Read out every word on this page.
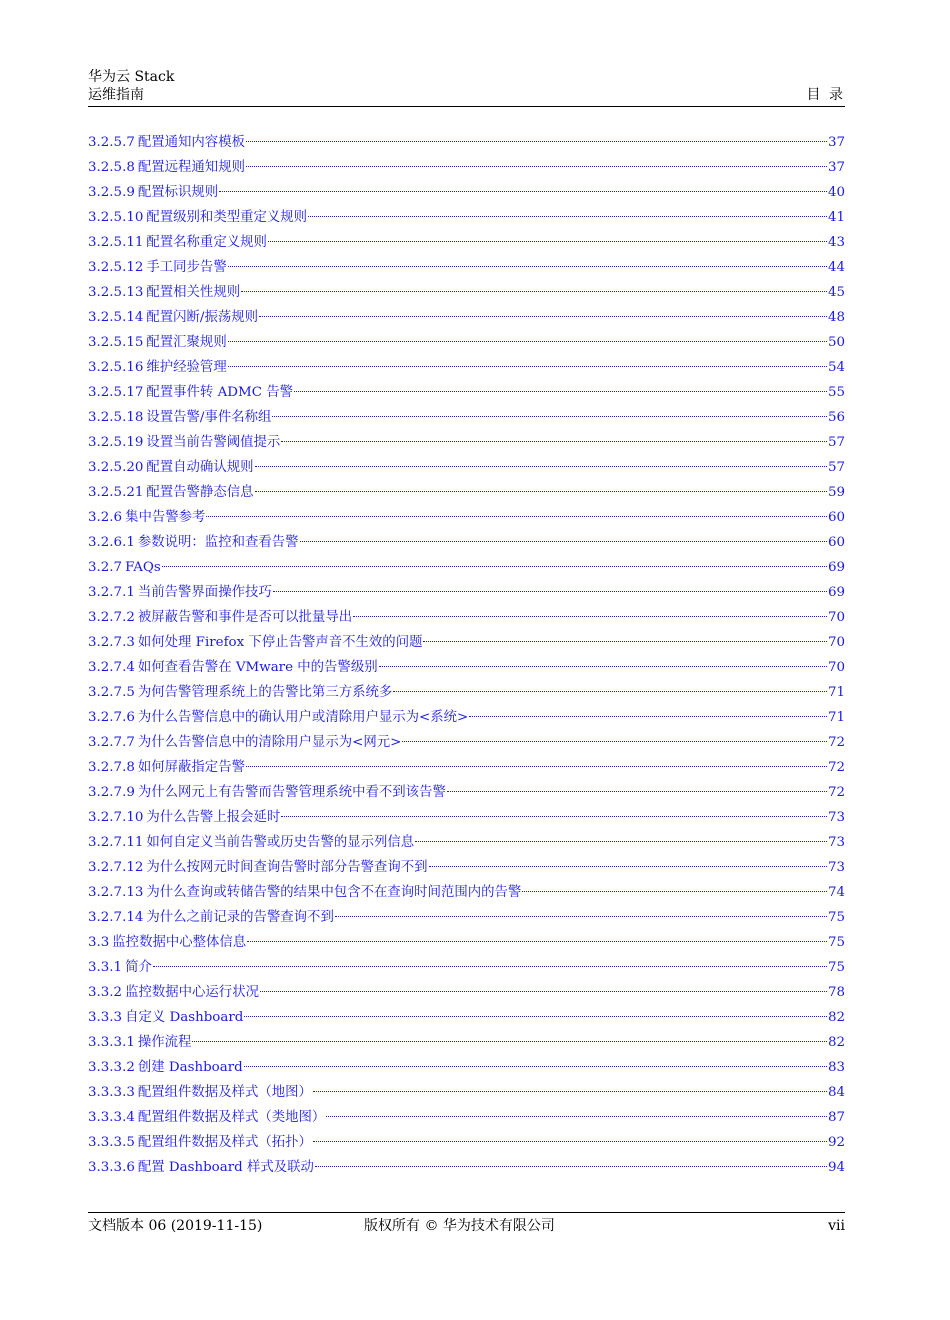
华为云 Stack
运维指南	目 录
3.2.5.7 配置通知内容模板	37
3.2.5.8 配置远程通知规则	37
3.2.5.9 配置标识规则	40
3.2.5.10 配置级别和类型重定义规则	41
3.2.5.11 配置名称重定义规则	43
3.2.5.12 手工同步告警	44
3.2.5.13 配置相关性规则	45
3.2.5.14 配置闪断/振荡规则	48
3.2.5.15 配置汇聚规则	50
3.2.5.16 维护经验管理	54
3.2.5.17 配置事件转 ADMC 告警	55
3.2.5.18 设置告警/事件名称组	56
3.2.5.19 设置当前告警阈值提示	57
3.2.5.20 配置自动确认规则	57
3.2.5.21 配置告警静态信息	59
3.2.6 集中告警参考	60
3.2.6.1 参数说明：监控和查看告警	60
3.2.7 FAQs	69
3.2.7.1 当前告警界面操作技巧	69
3.2.7.2 被屏蔽告警和事件是否可以批量导出	70
3.2.7.3 如何处理 Firefox 下停止告警声音不生效的问题	70
3.2.7.4 如何查看告警在 VMware 中的告警级别	70
3.2.7.5 为何告警管理系统上的告警比第三方系统多	71
3.2.7.6 为什么告警信息中的确认用户或清除用户显示为<系统>	71
3.2.7.7 为什么告警信息中的清除用户显示为<网元>	72
3.2.7.8 如何屏蔽指定告警	72
3.2.7.9 为什么网元上有告警而告警管理系统中看不到该告警	72
3.2.7.10 为什么告警上报会延时	73
3.2.7.11 如何自定义当前告警或历史告警的显示列信息	73
3.2.7.12 为什么按网元时间查询告警时部分告警查询不到	73
3.2.7.13 为什么查询或转储告警的结果中包含不在查询时间范围内的告警	74
3.2.7.14 为什么之前记录的告警查询不到	75
3.3 监控数据中心整体信息	75
3.3.1 简介	75
3.3.2 监控数据中心运行状况	78
3.3.3 自定义 Dashboard	82
3.3.3.1 操作流程	82
3.3.3.2 创建 Dashboard	83
3.3.3.3 配置组件数据及样式（地图）	84
3.3.3.4 配置组件数据及样式（类地图）	87
3.3.3.5 配置组件数据及样式（拓扑）	92
3.3.3.6 配置 Dashboard 样式及联动	94
文档版本 06 (2019-11-15)	版权所有 © 华为技术有限公司	vii
